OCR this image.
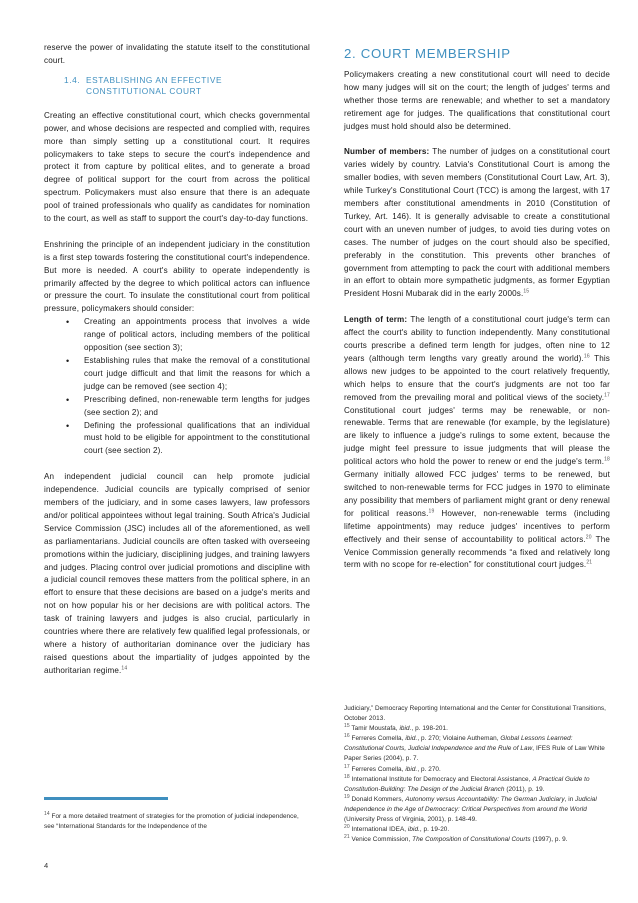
reserve the power of invalidating the statute itself to the constitutional court.

1.4. ESTABLISHING AN EFFECTIVE
CONSTITUTIONAL COURT

Creating an effective constitutional court, which checks governmental power, and whose decisions are respected and complied with, requires more than simply setting up a constitutional court. It requires policymakers to take steps to secure the court's independence and protect it from capture by political elites, and to generate a broad degree of political support for the court from across the political spectrum. Policymakers must also ensure that there is an adequate pool of trained professionals who qualify as candidates for nomination to the court, as well as staff to support the court's day-to-day functions.

Enshrining the principle of an independent judiciary in the constitution is a first step towards fostering the constitutional court's independence. But more is needed. A court's ability to operate independently is primarily affected by the degree to which political actors can influence or pressure the court. To insulate the constitutional court from political pressure, policymakers should consider:

• Creating an appointments process that involves a wide range of political actors, including members of the political opposition (see section 3);
• Establishing rules that make the removal of a constitutional court judge difficult and that limit the reasons for which a judge can be removed (see section 4);
• Prescribing defined, non-renewable term lengths for judges (see section 2); and
• Defining the professional qualifications that an individual must hold to be eligible for appointment to the constitutional court (see section 2).

An independent judicial council can help promote judicial independence. Judicial councils are typically comprised of senior members of the judiciary, and in some cases lawyers, law professors and/or political appointees without legal training. South Africa's Judicial Service Commission (JSC) includes all of the aforementioned, as well as parliamentarians. Judicial councils are often tasked with overseeing promotions within the judiciary, disciplining judges, and training lawyers and judges. Placing control over judicial promotions and discipline with a judicial council removes these matters from the political sphere, in an effort to ensure that these decisions are based on a judge's merits and not on how popular his or her decisions are with political actors. The task of training lawyers and judges is also crucial, particularly in countries where there are relatively few qualified legal professionals, or where a history of authoritarian dominance over the judiciary has raised questions about the impartiality of judges appointed by the authoritarian regime.$^{14}$

$^{14}$ For a more detailed treatment of strategies for the promotion of judicial independence, see “International Standards for the Independence of the

2. COURT MEMBERSHIP

Policymakers creating a new constitutional court will need to decide how many judges will sit on the court; the length of judges' terms and whether those terms are renewable; and whether to set a mandatory retirement age for judges. The qualifications that constitutional court judges must hold should also be determined.

Number of members: The number of judges on a constitutional court varies widely by country. Latvia's Constitutional Court is among the smaller bodies, with seven members (Constitutional Court Law, Art. 3), while Turkey's Constitutional Court (TCC) is among the largest, with 17 members after constitutional amendments in 2010 (Constitution of Turkey, Art. 146). It is generally advisable to create a constitutional court with an uneven number of judges, to avoid ties during votes on cases. The number of judges on the court should also be specified, preferably in the constitution. This prevents other branches of government from attempting to pack the court with additional members in an effort to obtain more sympathetic judgments, as former Egyptian President Hosni Mubarak did in the early 2000s.$^{15}$

Length of term: The length of a constitutional court judge's term can affect the court's ability to function independently. Many constitutional courts prescribe a defined term length for judges, often nine to 12 years (although term lengths vary greatly around the world).$^{16}$ This allows new judges to be appointed to the court relatively frequently, which helps to ensure that the court's judgments are not too far removed from the prevailing moral and political views of the society.$^{17}$ Constitutional court judges' terms may be renewable, or non-renewable. Terms that are renewable (for example, by the legislature) are likely to influence a judge's rulings to some extent, because the judge might feel pressure to issue judgments that will please the political actors who hold the power to renew or end the judge's term.$^{18}$ Germany initially allowed FCC judges' terms to be renewed, but switched to non-renewable terms for FCC judges in 1970 to eliminate any possibility that members of parliament might grant or deny renewal for political reasons.$^{19}$ However, non-renewable terms (including lifetime appointments) may reduce judges' incentives to perform effectively and their sense of accountability to political actors.$^{20}$ The Venice Commission generally recommends “a fixed and relatively long term with no scope for re-election” for constitutional court judges.$^{21}$

Judiciary,” Democracy Reporting International and the Center for Constitutional Transitions, October 2013.

$^{15}$ Tamir Moustafa, ibid., p. 198-201.

$^{16}$ Ferreres Comella, ibid., p. 270; Violaine Autheman, Global Lessons Learned: Constitutional Courts, Judicial Independence and the Rule of Law, IFES Rule of Law White Paper Series (2004), p. 7.

$^{17}$ Ferreres Comella, ibid., p. 270.

$^{18}$ International Institute for Democracy and Electoral Assistance, A Practical Guide to Constitution-Building: The Design of the Judicial Branch (2011), p. 19.

$^{19}$ Donald Kommers, Autonomy versus Accountability: The German Judiciary, in Judicial Independence in the Age of Democracy: Critical Perspectives from around the World (University Press of Virginia, 2001), p. 148-49.

$^{20}$ International IDEA, ibid., p. 19-20.

$^{21}$ Venice Commission, The Composition of Constitutional Courts (1997), p. 9.

4
